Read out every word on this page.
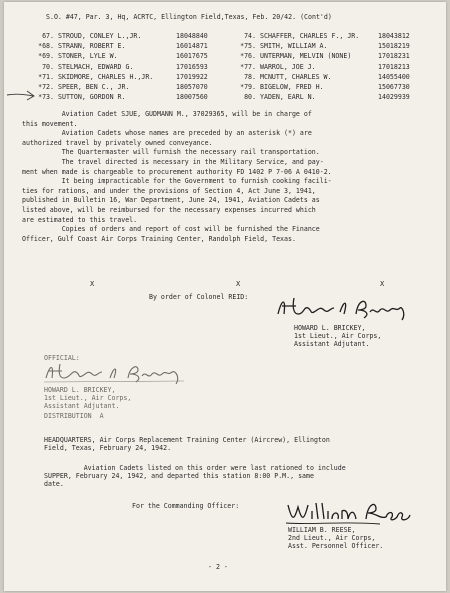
S.O. #47, Par. 3, Hq, ACRTC, Ellington Field,Texas, Feb. 20/42. (Cont'd)
67. STROUD, CONLEY L.,JR.	18048840
*68. STRANN, ROBERT E.	16014871
*69. STONER, LYLE W.	16017675
70. STELMACH, EDWARD G.	17016593
*71. SKIDMORE, CHARLES H.,JR.	17019922
*72. SPEER, BEN C., JR.	18057070
*73. SUTTON, GORDON R.	18007560
74. SCHAFFER, CHARLES F., JR.	18043812
*75. SMITH, WILLIAM A.	15018219
*76. UNTERMAN, MELVIN (NONE)	17018231
*77. WARROL, JOE J.	17018213
78. MCNUTT, CHARLES W.	14055400
*79. BIGELOW, FRED H.	15067730
80. YADEN, EARL N.	14029939
Aviation Cadet SJUE, GUDMANN M., 37029365, will be in charge of
this movement.
Aviation Cadets whose names are preceded by an asterisk (*) are
authorized travel by privately owned conveyance.
The Quartermaster will furnish the necessary rail transportation.
The travel directed is necessary in the Military Service, and pay-
ment when made is chargeable to procurement authority FD 1402 P 7-06 A 0410-2.
It being impracticable for the Government to furnish cooking facili-
ties for rations, and under the provisions of Section 4, Act June 3, 1941,
published in Bulletin 16, War Department, June 24, 1941, Aviation Cadets as
listed above, will be reimbursed for the necessary expenses incurred which
are estimated to this travel.
Copies of orders and report of cost will be furnished the Finance
Officer, Gulf Coast Air Corps Training Center, Randolph Field, Texas.
X	X	X
By order of Colonel REID:
HOWARD L. BRICKEY,
1st Lieut., Air Corps,
Assistant Adjutant.
OFFICIAL:
HOWARD L. BRICKEY,
1st Lieut., Air Corps,
Assistant Adjutant.
DISTRIBUTION  A
HEADQUARTERS, Air Corps Replacement Training Center (Aircrew), Ellington
Field, Texas, February 24, 1942.
Aviation Cadets listed on this order were last rationed to include
SUPPER, February 24, 1942, and departed this station 8:00 P.M., same
date.
For the Commanding Officer:
WILLIAM B. REESE,
2nd Lieut., Air Corps,
Asst. Personnel Officer.
- 2 -
